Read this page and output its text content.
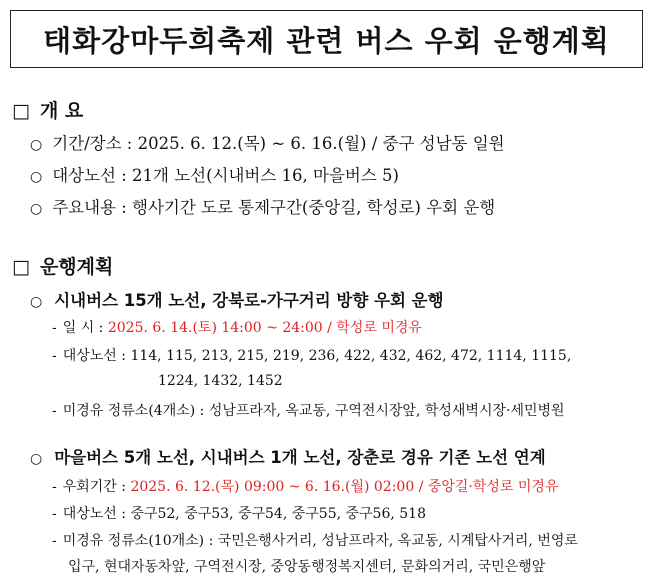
태화강마두희축제 관련 버스 우회 운행계획
□ 개 요
○ 기간/장소 : 2025. 6. 12.(목) ~ 6. 16.(월) / 중구 성남동 일원
○ 대상노선 : 21개 노선(시내버스 16, 마을버스 5)
○ 주요내용 : 행사기간 도로 통제구간(중앙길, 학성로) 우회 운행
□ 운행계획
○ 시내버스 15개 노선, 강북로-가구거리 방향 우회 운행
- 일 시 : 2025. 6. 14.(토) 14:00 ~ 24:00 / 학성로 미경유
- 대상노선 : 114, 115, 213, 215, 219, 236, 422, 432, 462, 472, 1114, 1115,
1224, 1432, 1452
- 미경유 정류소(4개소) : 성남프라자, 옥교동, 구역전시장앞, 학성새벽시장·세민병원
○ 마을버스 5개 노선, 시내버스 1개 노선, 장춘로 경유 기존 노선 연계
- 우회기간 : 2025. 6. 12.(목) 09:00 ~ 6. 16.(월) 02:00 / 중앙길·학성로 미경유
- 대상노선 : 중구52, 중구53, 중구54, 중구55, 중구56, 518
- 미경유 정류소(10개소) : 국민은행사거리, 성남프라자, 옥교동, 시계탑사거리, 번영로
입구, 현대자동차앞, 구역전시장, 중앙동행정복지센터, 문화의거리, 국민은행앞
